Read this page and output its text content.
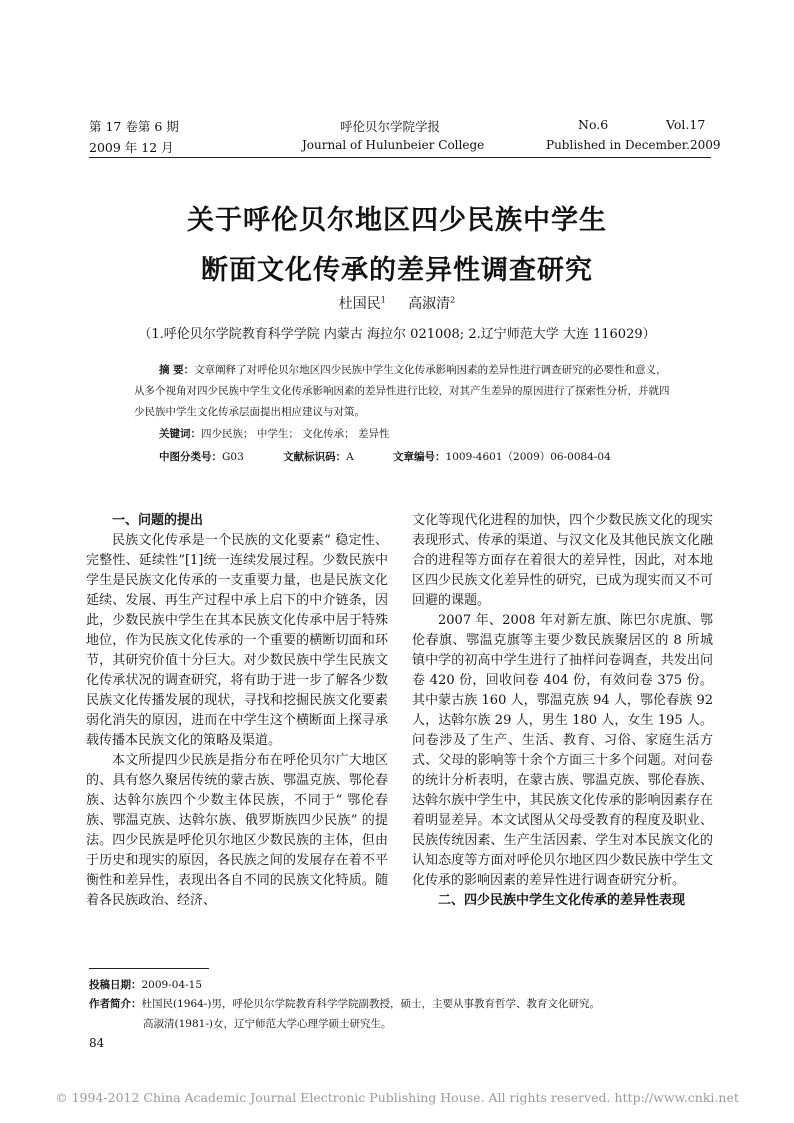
第 17 卷第 6 期
2009 年 12 月
呼伦贝尔学院学报
Journal of Hulunbeier College
No.6	Vol.17
Published in December.2009
关于呼伦贝尔地区四少民族中学生
断面文化传承的差异性调查研究
杜国民$^1$ 高淑清$^2$
（1.呼伦贝尔学院教育科学学院 内蒙古 海拉尔 021008; 2.辽宁师范大学 大连 116029）
摘 要：文章阐释了对呼伦贝尔地区四少民族中学生文化传承影响因素的差异性进行调查研究的必要性和意义，从多个视角对四少民族中学生文化传承影响因素的差异性进行比较，对其产生差异的原因进行了探索性分析，并就四少民族中学生文化传承层面提出相应建议与对策。
关键词：四少民族； 中学生； 文化传承； 差异性
中图分类号：G03	文献标识码：A	文章编号：1009-4601（2009）06-0084-04
一、问题的提出

民族文化传承是一个民族的文化要素“ 稳定性、完整性、延续性”[1]统一连续发展过程。少数民族中学生是民族文化传承的一支重要力量，也是民族文化延续、发展、再生产过程中承上启下的中介链条，因此，少数民族中学生在其本民族文化传承中居于特殊地位，作为民族文化传承的一个重要的横断切面和环节，其研究价值十分巨大。对少数民族中学生民族文化传承状况的调查研究，将有助于进一步了解各少数民族文化传播发展的现状，寻找和挖掘民族文化要素弱化消失的原因，进而在中学生这个横断面上探寻承载传播本民族文化的策略及渠道。

本文所提四少民族是指分布在呼伦贝尔广大地区的、具有悠久聚居传统的蒙古族、鄂温克族、鄂伦春族、达斡尔族四个少数主体民族，不同于“ 鄂伦春族、鄂温克族、达斡尔族、俄罗斯族四少民族” 的提法。四少民族是呼伦贝尔地区少数民族的主体，但由于历史和现实的原因，各民族之间的发展存在着不平衡性和差异性，表现出各自不同的民族文化特质。随着各民族政治、经济、

文化等现代化进程的加快，四个少数民族文化的现实表现形式、传承的渠道、与汉文化及其他民族文化融合的进程等方面存在着很大的差异性，因此，对本地区四少民族文化差异性的研究，已成为现实而又不可回避的课题。

2007 年、2008 年对新左旗、陈巴尔虎旗、鄂伦春旗、鄂温克旗等主要少数民族聚居区的 8 所城镇中学的初高中学生进行了抽样问卷调查，共发出问卷 420 份，回收问卷 404 份，有效问卷 375 份。其中蒙古族 160 人，鄂温克族 94 人，鄂伦春族 92 人，达斡尔族 29 人，男生 180 人，女生 195 人。问卷涉及了生产、生活、教育、习俗、家庭生活方式、父母的影响等十余个方面三十多个问题。对问卷的统计分析表明，在蒙古族、鄂温克族、鄂伦春族、达斡尔族中学生中，其民族文化传承的影响因素存在着明显差异。本文试图从父母受教育的程度及职业、民族传统因素、生产生活因素、学生对本民族文化的认知态度等方面对呼伦贝尔地区四少数民族中学生文化传承的影响因素的差异性进行调查研究分析。

二、四少民族中学生文化传承的差异性表现
投稿日期：2009-04-15
作者简介：杜国民(1964-)男，呼伦贝尔学院教育科学学院副教授，硕士，主要从事教育哲学、教育文化研究。
高淑清(1981-)女，辽宁师范大学心理学硕士研究生。
84
© 1994-2012 China Academic Journal Electronic Publishing House. All rights reserved. http://www.cnki.net
